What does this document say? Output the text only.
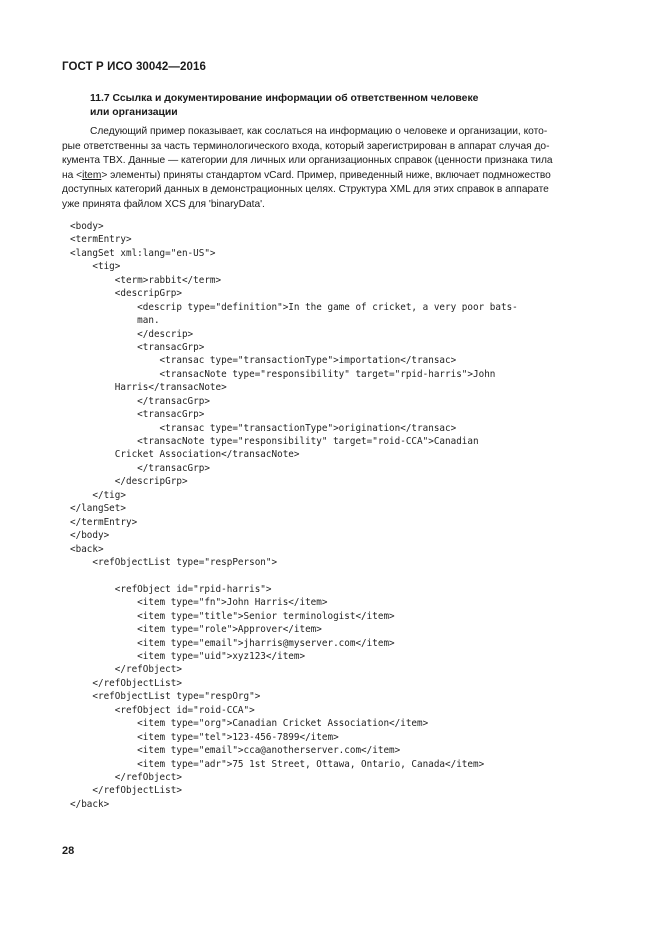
ГОСТ Р ИСО 30042—2016
11.7 Ссылка и документирование информации об ответственном человеке
или организации
Следующий пример показывает, как сослаться на информацию о человеке и организации, кото-
рые ответственны за часть терминологического входа, который зарегистрирован в аппарат случая до-
кумента TBX. Данные — категории для личных или организационных справок (ценности признака тила
на <item> элементы) приняты стандартом vCard. Пример, приведенный ниже, включает подмножество
доступных категорий данных в демонстрационных целях. Структура XML для этих справок в аппарате
уже принята файлом XCS для 'binaryData'.
<body>
<termEntry>
<langSet xml:lang="en-US">
<tig>
<term>rabbit</term>
<descripGrp>
<descrip type="definition">In the game of cricket, a very poor bats-
man.
</descrip>
<transacGrp>
<transac type="transactionType">importation</transac>
<transacNote type="responsibility" target="rpid-harris">John
Harris</transacNote>
</transacGrp>
<transacGrp>
<transac type="transactionType">origination</transac>
<transacNote type="responsibility" target="roid-CCA">Canadian
Cricket Association</transacNote>
</transacGrp>
</descripGrp>
</tig>
</langSet>
</termEntry>
</body>
<back>
<refObjectList type="respPerson">
<refObject id="rpid-harris">
<item type="fn">John Harris</item>
<item type="title">Senior terminologist</item>
<item type="role">Approver</item>
<item type="email">jharris@myserver.com</item>
<item type="uid">xyz123</item>
</refObject>
</refObjectList>
<refObjectList type="respOrg">
<refObject id="roid-CCA">
<item type="org">Canadian Cricket Association</item>
<item type="tel">123-456-7899</item>
<item type="email">cca@anotherserver.com</item>
<item type="adr">75 1st Street, Ottawa, Ontario, Canada</item>
</refObject>
</refObjectList>
</back>
28
